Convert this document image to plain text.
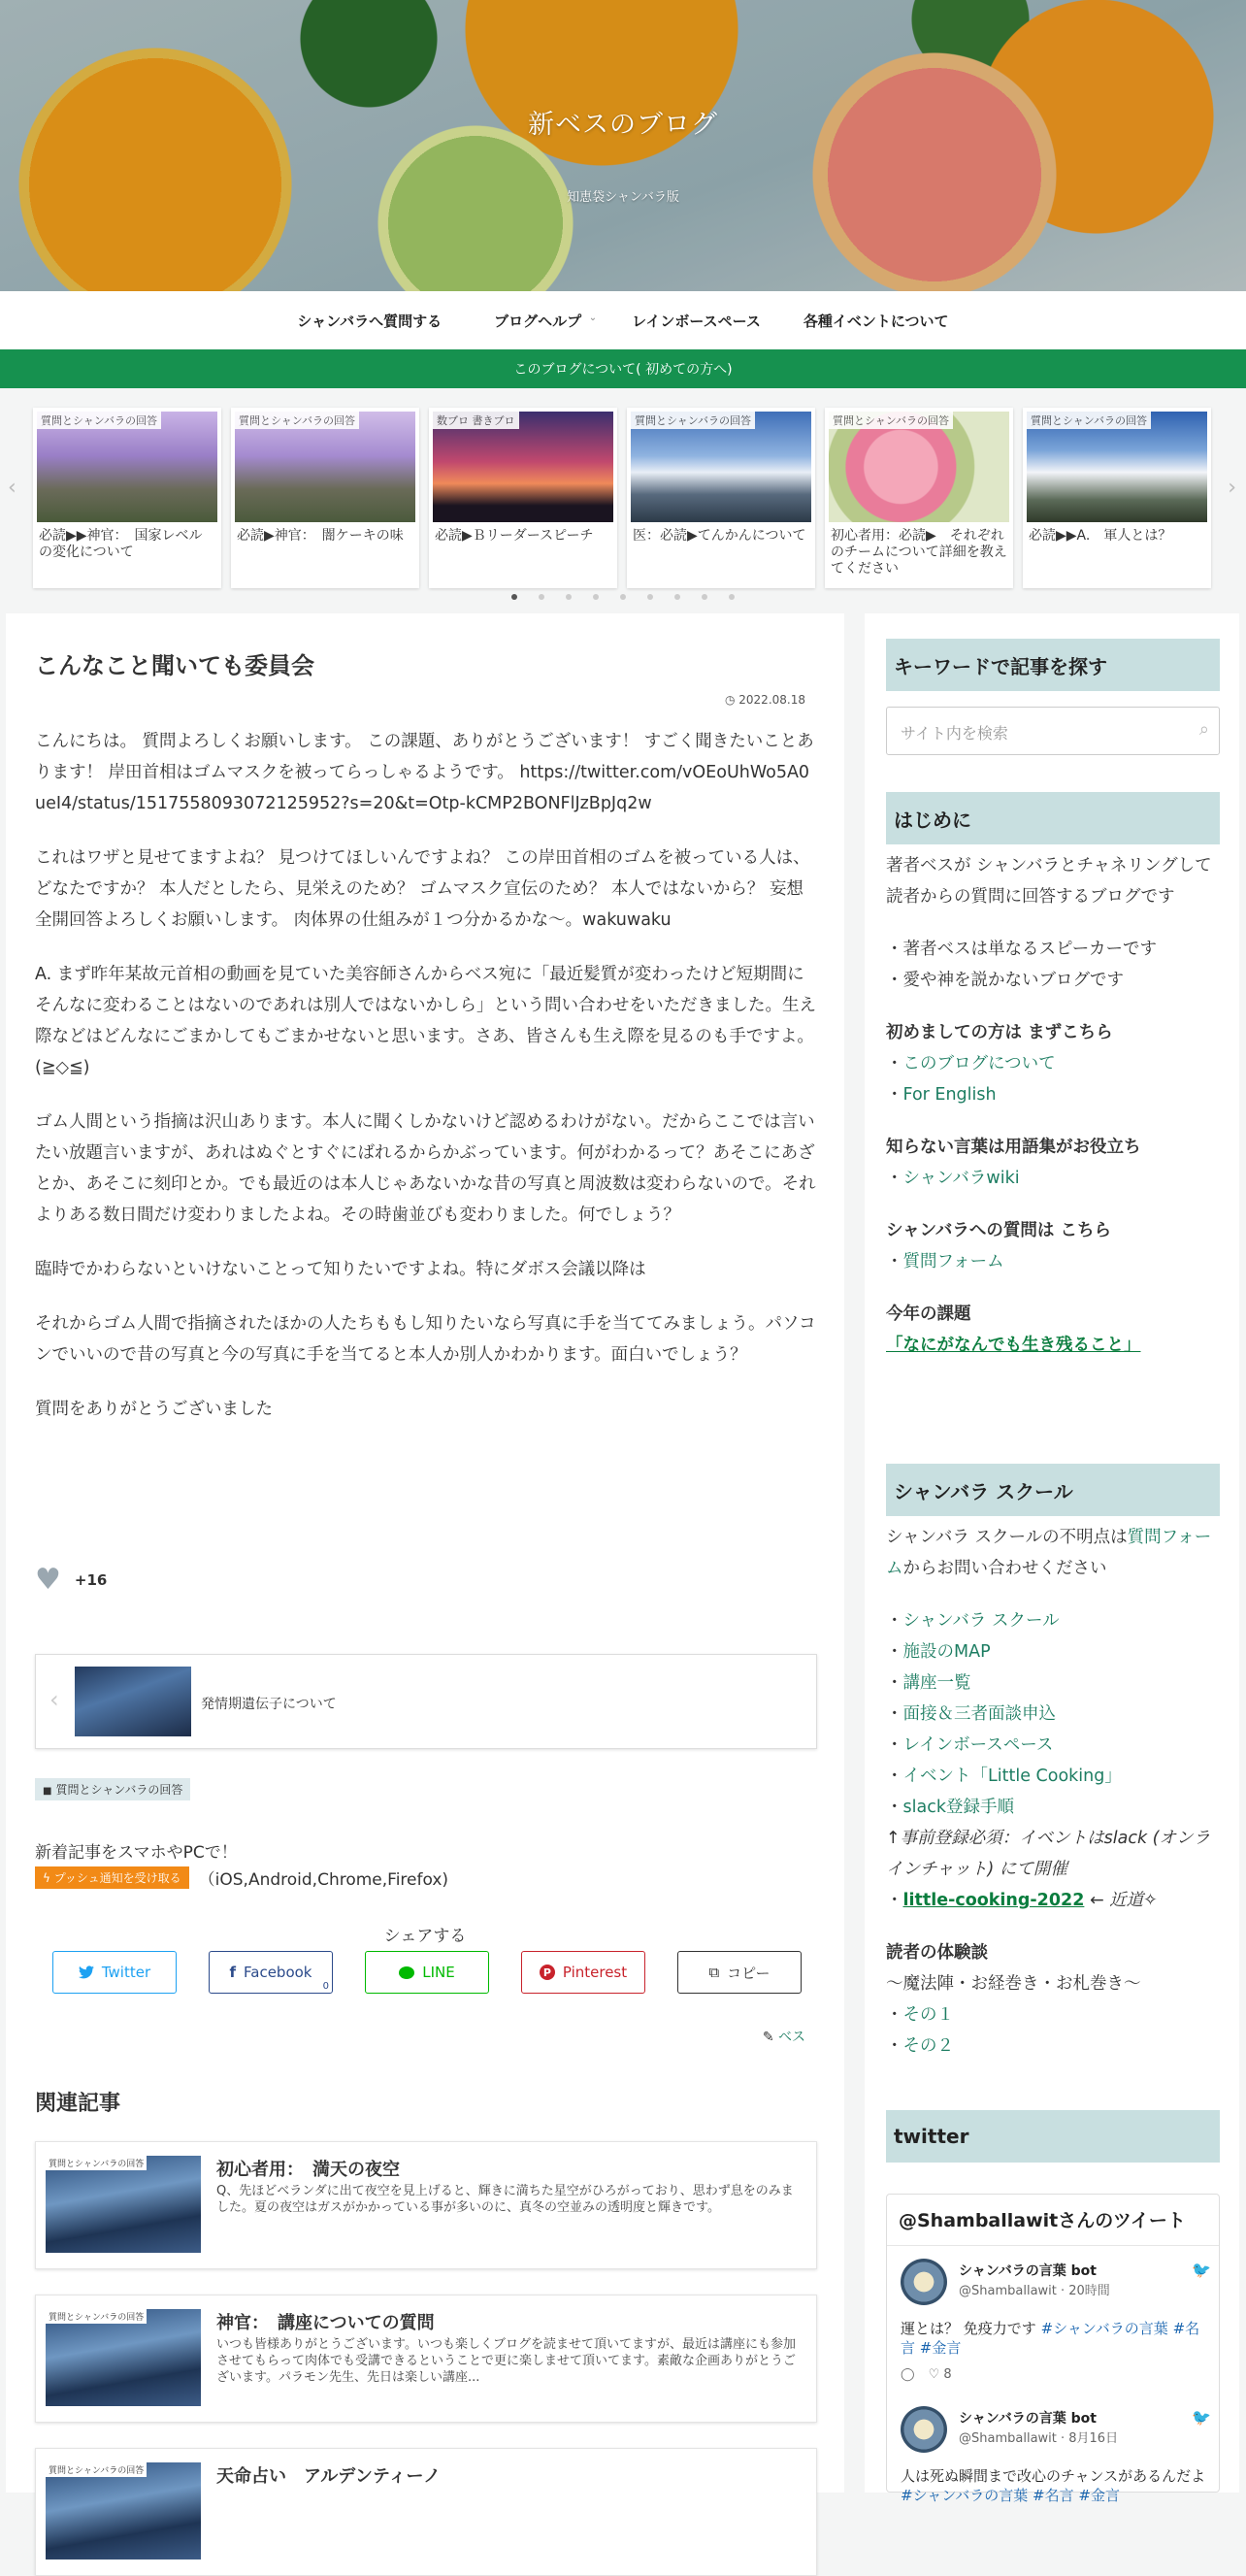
新ベスのブログ
知恵袋シャンバラ版
シャンバラへ質問する	ブログヘルプ ⌄	レインボースペース	各種イベントについて
このブログについて( 初めての方へ)
‹	›
質問とシャンバラの回答
必読▶▶神官：　国家レベルの変化について
質問とシャンバラの回答
必読▶神官：　闇ケーキの味
数ブロ 書きブロ
必読▶Ｂリーダースピーチ
質問とシャンバラの回答
医：必読▶てんかんについて
質問とシャンバラの回答
初心者用：必読▶　それぞれのチームについて詳細を教えてください
質問とシャンバラの回答
必読▶▶A.　軍人とは？
こんなこと聞いても委員会
◷ 2022.08.18

こんにちは。 質問よろしくお願いします。 この課題、ありがとうございます！ すごく聞きたいことあります！ 岸田首相はゴムマスクを被ってらっしゃるようです。 https://twitter.com/vOEoUhWo5A0ueI4/status/1517558093072125952?s=20&t=Otp-kCMP2BONFlJzBpJq2w

これはワザと見せてますよね？ 見つけてほしいんですよね？ この岸田首相のゴムを被っている人は、どなたですか？ 本人だとしたら、見栄えのため？ ゴムマスク宣伝のため？ 本人ではないから？ 妄想全開回答よろしくお願いします。 肉体界の仕組みが１つ分かるかな〜。wakuwaku

A. まず昨年某故元首相の動画を見ていた美容師さんからベス宛に「最近髪質が変わったけど短期間にそんなに変わることはないのであれは別人ではないかしら」という問い合わせをいただきました。生え際などはどんなにごまかしてもごまかせないと思います。さあ、皆さんも生え際を見るのも手ですよ。(≧◇≦)

ゴム人間という指摘は沢山あります。本人に聞くしかないけど認めるわけがない。だからここでは言いたい放題言いますが、あれはぬぐとすぐにばれるからかぶっています。何がわかるって？あそこにあざとか、あそこに刻印とか。でも最近のは本人じゃあないかな昔の写真と周波数は変わらないので。それよりある数日間だけ変わりましたよね。その時歯並びも変わりました。何でしょう？

臨時でかわらないといけないことって知りたいですよね。特にダボス会議以降は

それからゴム人間で指摘されたほかの人たちももし知りたいなら写真に手を当ててみましょう。パソコンでいいので昔の写真と今の写真に手を当てると本人か別人かわかります。面白いでしょう？

質問をありがとうございました

♥ +16
‹	発情期遺伝子について
■ 質問とシャンバラの回答
新着記事をスマホやPCで！
ϟ プッシュ通知を受け取る	（iOS,Android,Chrome,Firefox)
シェアする
Twitter	f Facebook
0
LINE	P Pinterest	⧉ コピー
✎ ベス
関連記事
質問とシャンバラの回答	初心者用：　満天の夜空
Q、先ほどベランダに出て夜空を見上げると、輝きに満ちた星空がひろがっており、思わず息をのみました。夏の夜空はガスがかかっている事が多いのに、真冬の空並みの透明度と輝きです。
質問とシャンバラの回答	神官：　講座についての質問
いつも皆様ありがとうございます。いつも楽しくブログを読ませて頂いてますが、最近は講座にも参加させてもらって肉体でも受講できるということで更に楽しませて頂いてます。素敵な企画ありがとうございます。パラモン先生、先日は楽しい講座...
質問とシャンバラの回答	天命占い　アルデンティーノ
キーワードで記事を探す
サイト内を検索	⌕
はじめに
著者ベスが シャンバラとチャネリングして 読者からの質問に回答するブログです
・著者ベスは単なるスピーカーです
・愛や神を説かないブログです
初めましての方は まずこちら
・このブログについて
・For English
知らない言葉は用語集がお役立ち
・シャンバラwiki
シャンバラへの質問は こちら
・質問フォーム
今年の課題
「なにがなんでも生き残ること」
シャンバラ スクール
シャンバラ スクールの不明点は質問フォームからお問い合わせください
・シャンバラ スクール
・施設のMAP
・講座一覧
・面接＆三者面談申込
・レインボースペース
・イベント「Little Cooking」
・slack登録手順
↑事前登録必須：イベントはslack (オンラインチャット) にて開催
・little-cooking-2022 ← 近道✧
読者の体験談
〜魔法陣・お経巻き・お札巻き〜
・その１
・その２
twitter
@Shamballawitさんのツイート
シャンバラの言葉 bot
@Shamballawit · 20時間
🐦
運とは？ 免疫力です #シャンバラの言葉 #名言 #金言
◯ ♡ 8
シャンバラの言葉 bot
@Shamballawit · 8月16日
🐦
人は死ぬ瞬間まで改心のチャンスがあるんだよ #シャンバラの言葉 #名言 #金言
